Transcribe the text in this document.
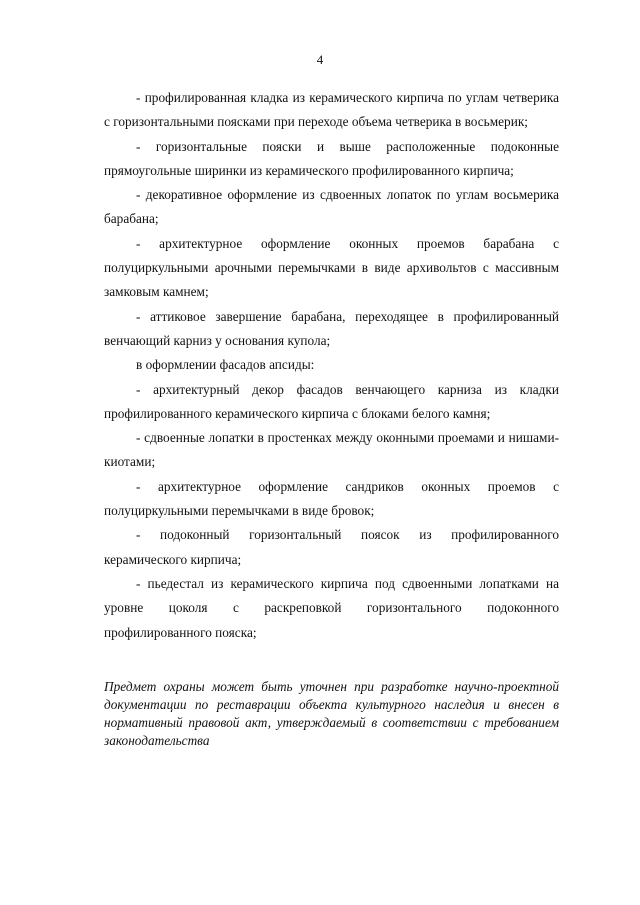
4

- профилированная кладка из керамического кирпича по углам четверика с горизонтальными поясками при переходе объема четверика в восьмерик;

- горизонтальные пояски и выше расположенные подоконные прямоугольные ширинки из керамического профилированного кирпича;

- декоративное оформление из сдвоенных лопаток по углам восьмерика барабана;

- архитектурное оформление оконных проемов барабана с полуциркульными арочными перемычками в виде архивольтов с массивным замковым камнем;

- аттиковое завершение барабана, переходящее в профилированный венчающий карниз у основания купола;

в оформлении фасадов апсиды:

- архитектурный декор фасадов венчающего карниза из кладки профилированного керамического кирпича с блоками белого камня;

- сдвоенные лопатки в простенках между оконными проемами и нишами-киотами;

- архитектурное оформление сандриков оконных проемов с полуциркульными перемычками в виде бровок;

- подоконный горизонтальный поясок из профилированного керамического кирпича;

- пьедестал из керамического кирпича под сдвоенными лопатками на уровне цоколя с раскреповкой горизонтального подоконного профилированного пояска;

Предмет охраны может быть уточнен при разработке научно-проектной документации по реставрации объекта культурного наследия и внесен в нормативный правовой акт, утверждаемый в соответствии с требованием законодательства
